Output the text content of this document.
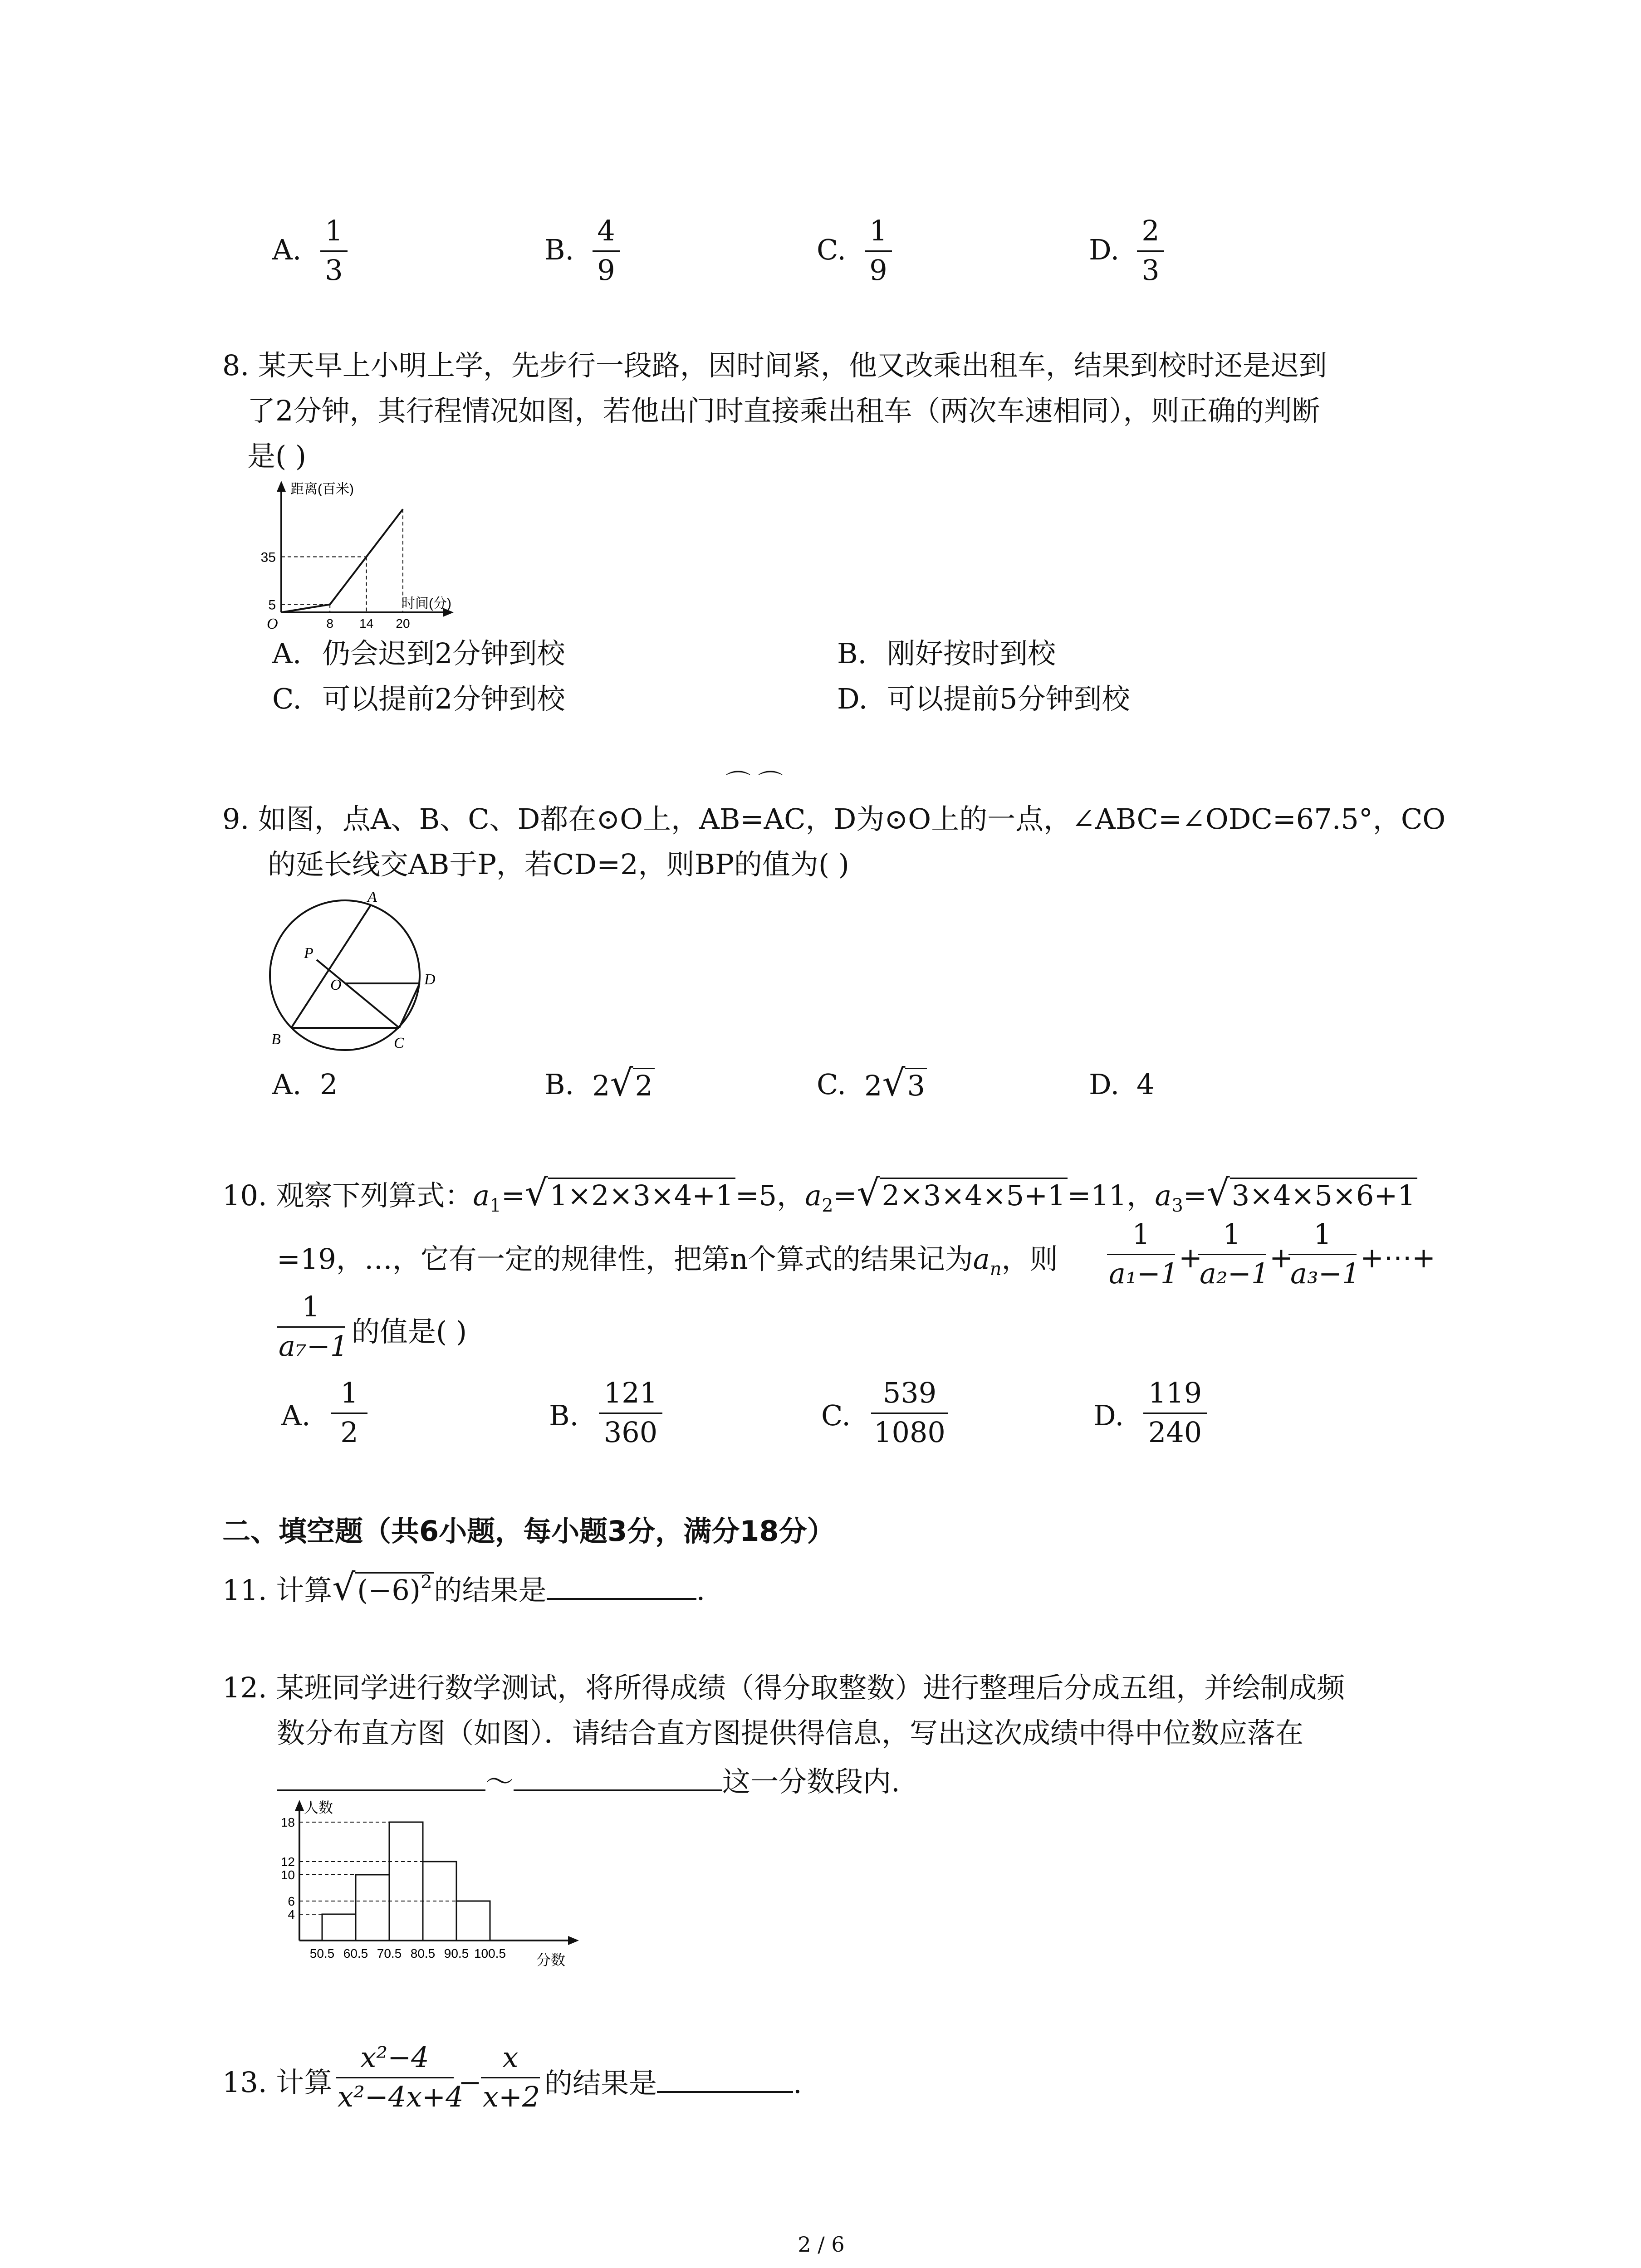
A.
1
3
B.
4
9
C.
1
9
D.
2
3
8. 某天早上小明上学，先步行一段路，因时间紧，他又改乘出租车，结果到校时还是迟到
了2分钟，其行程情况如图，若他出门时直接乘出租车（两次车速相同），则正确的判断
是( )
距离(百米)
时间(分)
O
5
35
8 14 20
A. 仍会迟到2分钟到校	B. 刚好按时到校
C. 可以提前2分钟到校	D. 可以提前5分钟到校
⌒ ⌒
9. 如图，点A、B、C、D都在⊙O上，AB=AC，D为⊙O上的一点，∠ABC=∠ODC=67.5°，CO
的延长线交AB于P，若CD=2，则BP的值为( )
A
B	C
D
O
P
A. 2	B. 2√2	C. 2√3	D. 4
10. 观察下列算式：$a_1=√1\times 2\times 3\times 4+1=5$，$a_2=√2\times 3\times 4\times 5+1=11$，$a_3=√3\times 4\times 5\times 6+1$
=19，…，它有一定的规律性，把第n个算式的结果记为$a_n$，则
1
a₁−1 +
1
a₂−1 +
1
a₃−1 +⋯+
1
a₇−1 的值是( )
A.
1
2
B.
121
360
C.
539
1080
D.
119
240
二、填空题（共6小题，每小题3分，满分18分）
11. 计算$√(-6)^2$的结果是	.
12. 某班同学进行数学测试，将所得成绩（得分取整数）进行整理后分成五组，并绘制成频
数分布直方图（如图）．请结合直方图提供得信息，写出这次成绩中得中位数应落在
～	这一分数段内.
人数
分数
4
6
10
12
18
50.5 60.5 70.5 80.5 90.5 100.5
13. 计算
x²−4
x²−4x+4
−
x
x+2 的结果是	.
2 / 6
